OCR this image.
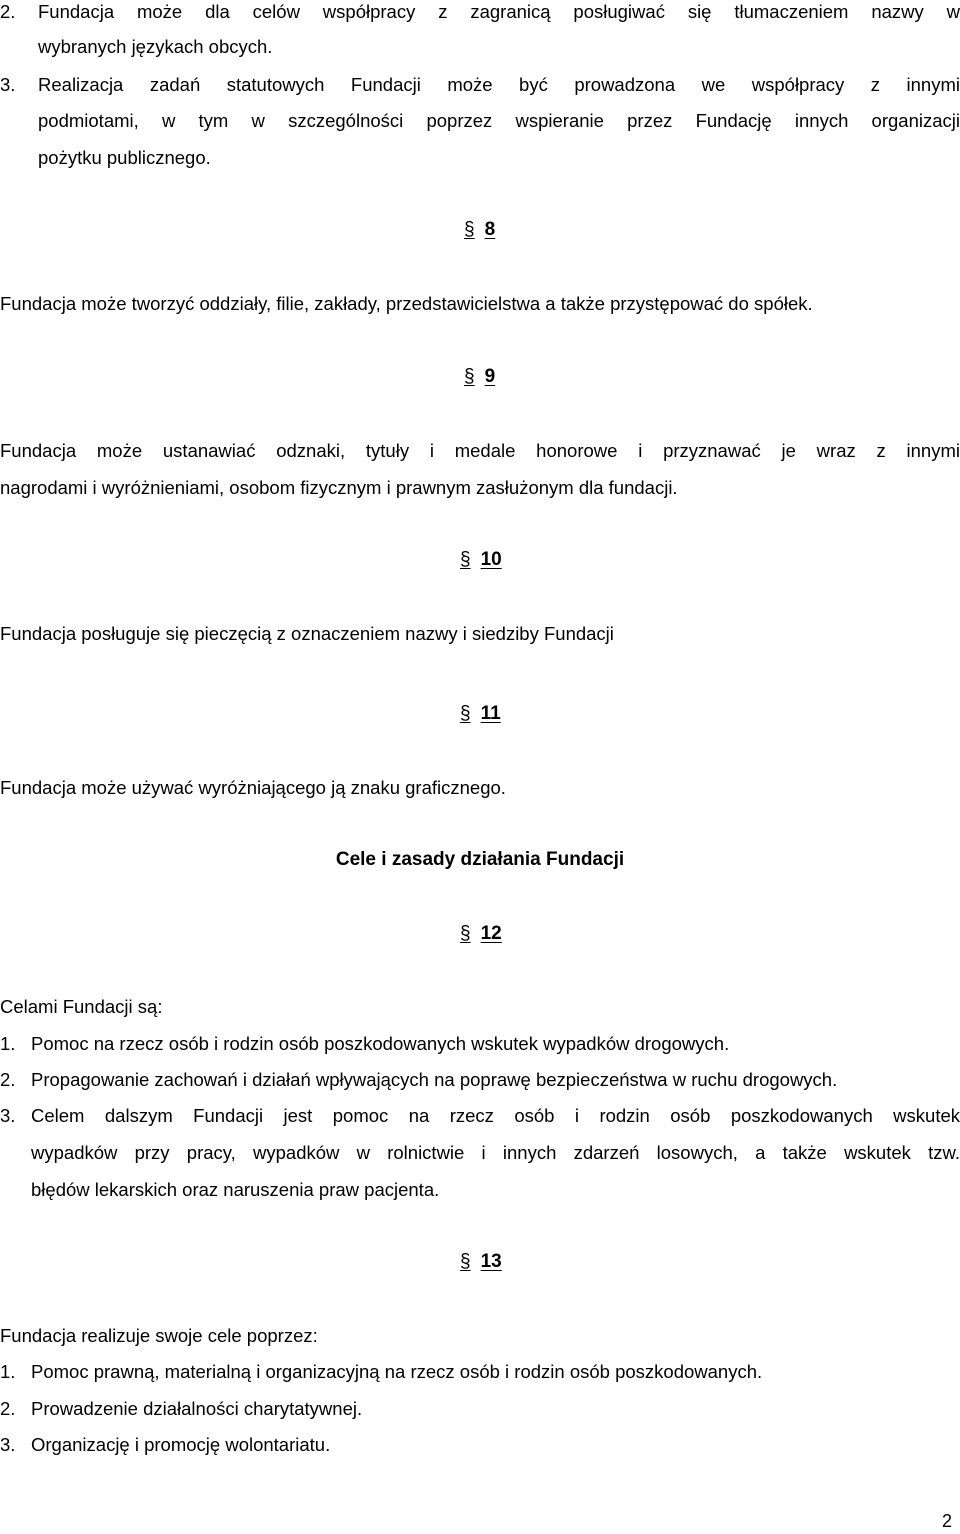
2. Fundacja może dla celów współpracy z zagranicą posługiwać się tłumaczeniem nazwy w
wybranych językach obcych.
3. Realizacja zadań statutowych Fundacji może być prowadzona we współpracy z innymi
podmiotami, w tym w szczególności poprzez wspieranie przez Fundację innych organizacji
pożytku publicznego.
§ 8
Fundacja może tworzyć oddziały, filie, zakłady, przedstawicielstwa a także przystępować do spółek.
§ 9
Fundacja może ustanawiać odznaki, tytuły i medale honorowe i przyznawać je wraz z innymi
nagrodami i wyróżnieniami, osobom fizycznym i prawnym zasłużonym dla fundacji.
§ 10
Fundacja posługuje się pieczęcią z oznaczeniem nazwy i siedziby Fundacji
§ 11
Fundacja może używać wyróżniającego ją znaku graficznego.
Cele i zasady działania Fundacji
§ 12
Celami Fundacji są:
1. Pomoc na rzecz osób i rodzin osób poszkodowanych wskutek wypadków drogowych.
2. Propagowanie zachowań i działań wpływających na poprawę bezpieczeństwa w ruchu drogowych.
3. Celem dalszym Fundacji jest pomoc na rzecz osób i rodzin osób poszkodowanych wskutek
wypadków przy pracy, wypadków w rolnictwie i innych zdarzeń losowych, a także wskutek tzw.
błędów lekarskich oraz naruszenia praw pacjenta.
§ 13
Fundacja realizuje swoje cele poprzez:
1. Pomoc prawną, materialną i organizacyjną na rzecz osób i rodzin osób poszkodowanych.
2. Prowadzenie działalności charytatywnej.
3. Organizację i promocję wolontariatu.
2
